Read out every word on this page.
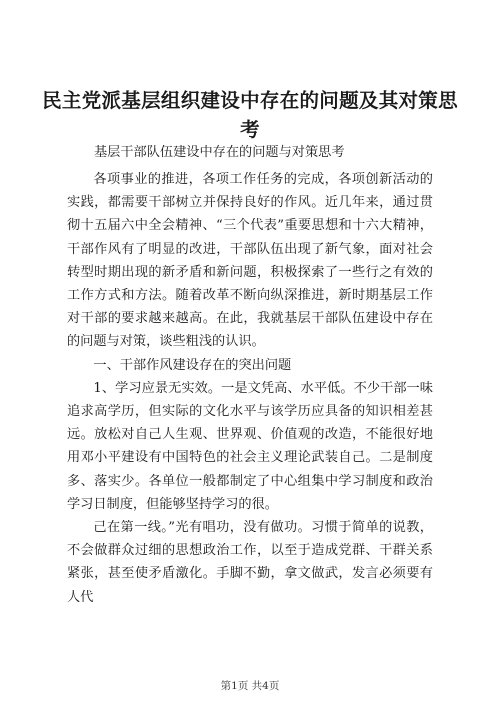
民主党派基层组织建设中存在的问题及其对策思考

基层干部队伍建设中存在的问题与对策思考

各项事业的推进，各项工作任务的完成，各项创新活动的实践，都需要干部树立并保持良好的作风。近几年来，通过贯彻十五届六中全会精神、“三个代表”重要思想和十六大精神，干部作风有了明显的改进，干部队伍出现了新气象，面对社会转型时期出现的新矛盾和新问题，积极探索了一些行之有效的工作方式和方法。随着改革不断向纵深推进，新时期基层工作对干部的要求越来越高。在此，我就基层干部队伍建设中存在的问题与对策，谈些粗浅的认识。

一、干部作风建设存在的突出问题

1、学习应景无实效。一是文凭高、水平低。不少干部一味追求高学历，但实际的文化水平与该学历应具备的知识相差甚远。放松对自己人生观、世界观、价值观的改造，不能很好地用邓小平建设有中国特色的社会主义理论武装自己。二是制度多、落实少。各单位一般都制定了中心组集中学习制度和政治学习日制度，但能够坚持学习的很。

己在第一线。”光有唱功，没有做功。习惯于简单的说教，不会做群众过细的思想政治工作，以至于造成党群、干群关系紧张，甚至使矛盾激化。手脚不勤，拿文做武，发言必须要有人代

第1页 共4页
